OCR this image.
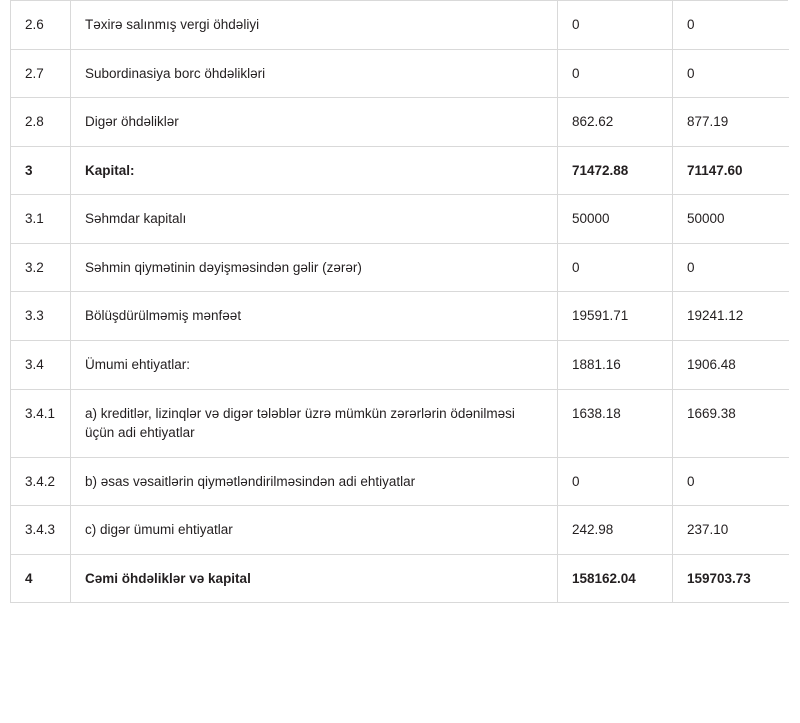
2.6	Təxirə salınmış vergi öhdəliyi	0	0
2.7	Subordinasiya borc öhdəlikləri	0	0
2.8	Digər öhdəliklər	862.62	877.19
3	Kapital:	71472.88	71147.60
3.1	Səhmdar kapitalı	50000	50000
3.2	Səhmin qiymətinin dəyişməsindən gəlir (zərər)	0	0
3.3	Bölüşdürülməmiş mənfəət	19591.71	19241.12
3.4	Ümumi ehtiyatlar:	1881.16	1906.48
3.4.1	a) kreditlər, lizinqlər və digər tələblər üzrə mümkün zərərlərin ödənilməsi üçün adi ehtiyatlar	1638.18	1669.38
3.4.2	b) əsas vəsaitlərin qiymətləndirilməsindən adi ehtiyatlar	0	0
3.4.3	c) digər ümumi ehtiyatlar	242.98	237.10
4	Cəmi öhdəliklər və kapital	158162.04	159703.73
